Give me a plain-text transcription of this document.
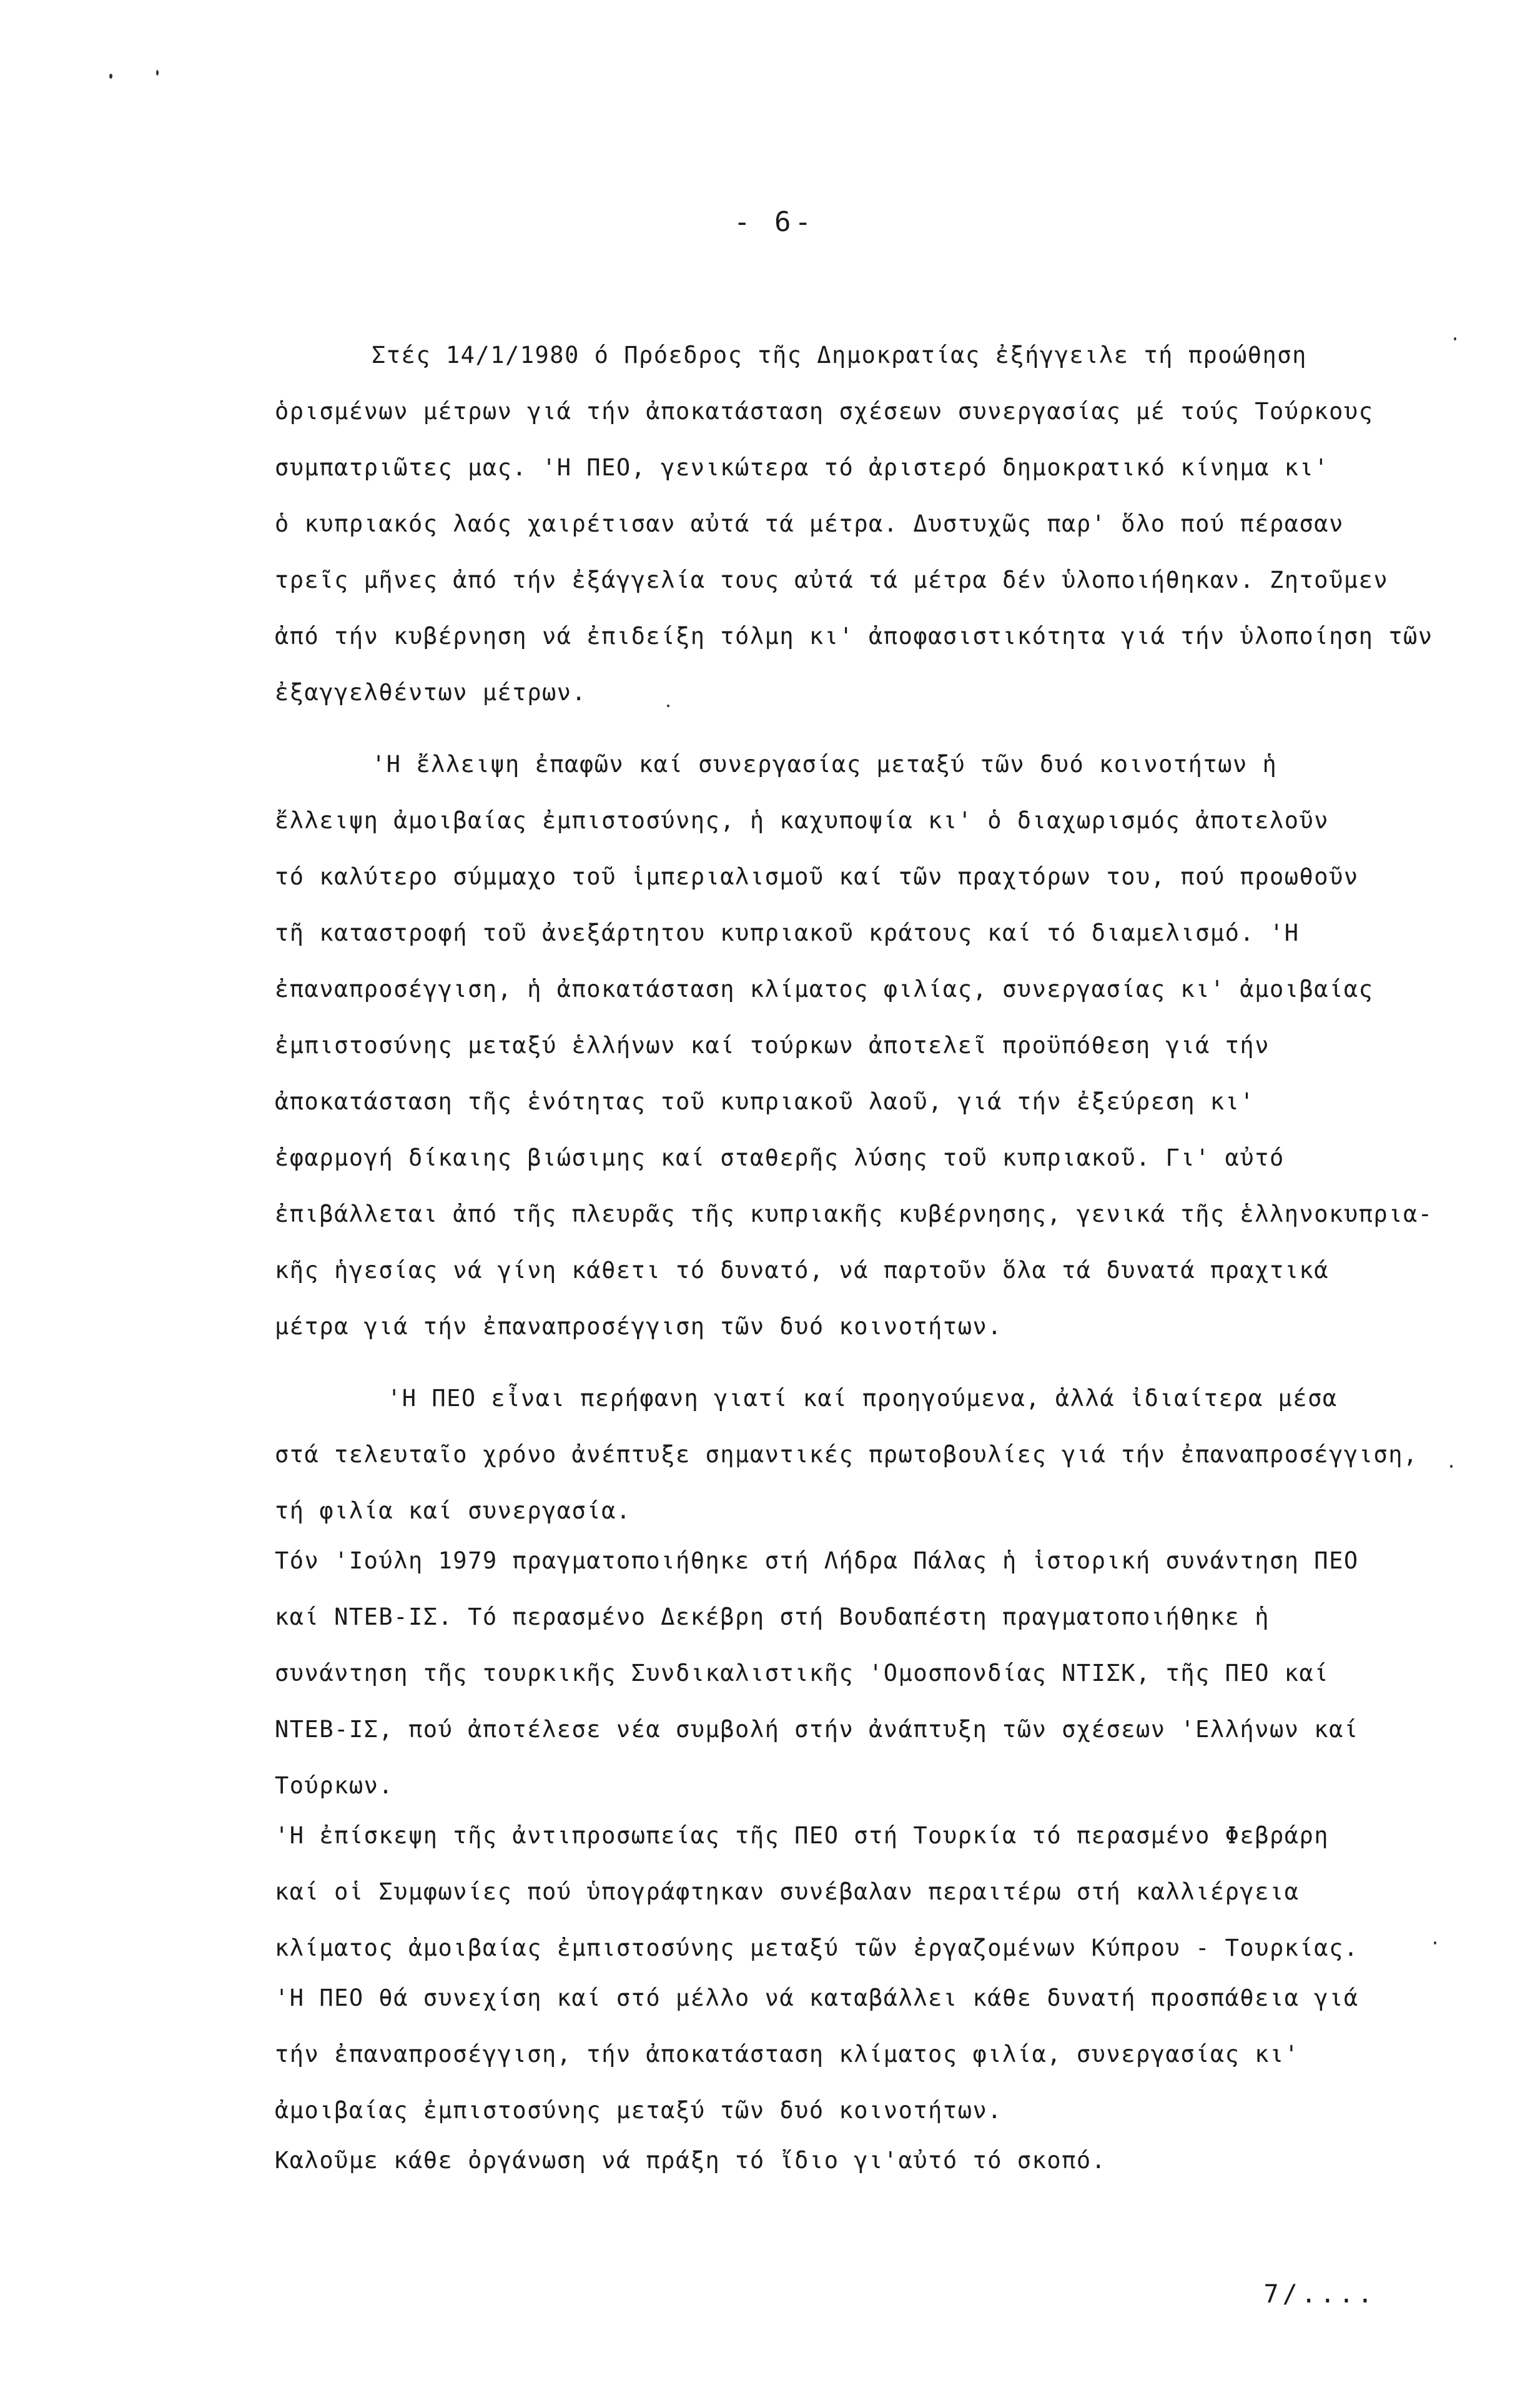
- 6-
Στές 14/1/1980 ό Πρόεδρος τῆς Δημοκρατίας ἐξήγγειλε τή προώθηση
ὁρισμένων μέτρων γιά τήν ἀποκατάσταση σχέσεων συνεργασίας μέ τούς Τούρκους
συμπατριῶτες μας. 'Η ΠΕΟ, γενικώτερα τό ἀριστερό δημοκρατικό κίνημα κι'
ὁ κυπριακός λαός χαιρέτισαν αὐτά τά μέτρα. Δυστυχῶς παρ' ὅλο πού πέρασαν
τρεῖς μῆνες ἀπό τήν ἐξάγγελία τους αὐτά τά μέτρα δέν ὑλοποιήθηκαν. Ζητοῦμεν
ἀπό τήν κυβέρνηση νά ἐπιδείξη τόλμη κι' ἀποφασιστικότητα γιά τήν ὑλοποίηση τῶν
ἐξαγγελθέντων μέτρων.
'Η ἔλλειψη ἐπαφῶν καί συνεργασίας μεταξύ τῶν δυό κοινοτήτων ἡ
ἔλλειψη ἀμοιβαίας ἐμπιστοσύνης, ἡ καχυποψία κι' ὁ διαχωρισμός ἀποτελοῦν
τό καλύτερο σύμμαχο τοῦ ἱμπεριαλισμοῦ καί τῶν πραχτόρων του, πού προωθοῦν
τῆ καταστροφή τοῦ ἀνεξάρτητου κυπριακοῦ κράτους καί τό διαμελισμό. 'Η
ἐπαναπροσέγγιση, ἡ ἀποκατάσταση κλίματος φιλίας, συνεργασίας κι' ἀμοιβαίας
ἐμπιστοσύνης μεταξύ ἑλλήνων καί τούρκων ἀποτελεῖ προϋπόθεση γιά τήν
ἀποκατάσταση τῆς ἑνότητας τοῦ κυπριακοῦ λαοῦ, γιά τήν ἐξεύρεση κι'
ἐφαρμογή δίκαιης βιώσιμης καί σταθερῆς λύσης τοῦ κυπριακοῦ. Γι' αὐτό
ἐπιβάλλεται ἀπό τῆς πλευρᾶς τῆς κυπριακῆς κυβέρνησης, γενικά τῆς ἑλληνοκυπρια-
κῆς ἡγεσίας νά γίνη κάθετι τό δυνατό, νά παρτοῦν ὅλα τά δυνατά πραχτικά
μέτρα γιά τήν ἐπαναπροσέγγιση τῶν δυό κοινοτήτων.
'Η ΠΕΟ εἶναι περήφανη γιατί καί προηγούμενα, ἀλλά ἰδιαίτερα μέσα
στά τελευταῖο χρόνο ἀνέπτυξε σημαντικές πρωτοβουλίες γιά τήν ἐπαναπροσέγγιση,
τή φιλία καί συνεργασία.
Τόν 'Ιούλη 1979 πραγματοποιήθηκε στή Λήδρα Πάλας ἡ ἱστορική συνάντηση ΠΕΟ
καί ΝΤΕΒ-ΙΣ. Τό περασμένο Δεκέβρη στή Βουδαπέστη πραγματοποιήθηκε ἡ
συνάντηση τῆς τουρκικῆς Συνδικαλιστικῆς 'Ομοσπονδίας ΝΤΙΣΚ, τῆς ΠΕΟ καί
ΝΤΕΒ-ΙΣ, πού ἀποτέλεσε νέα συμβολή στήν ἀνάπτυξη τῶν σχέσεων 'Ελλήνων καί
Τούρκων.
'Η ἐπίσκεψη τῆς ἀντιπροσωπείας τῆς ΠΕΟ στή Τουρκία τό περασμένο Φεβράρη
καί οἱ Συμφωνίες πού ὑπογράφτηκαν συνέβαλαν περαιτέρω στή καλλιέργεια
κλίματος ἀμοιβαίας ἐμπιστοσύνης μεταξύ τῶν ἐργαζομένων Κύπρου - Τουρκίας.
'Η ΠΕΟ θά συνεχίση καί στό μέλλο νά καταβάλλει κάθε δυνατή προσπάθεια γιά
τήν ἐπαναπροσέγγιση, τήν ἀποκατάσταση κλίματος φιλία, συνεργασίας κι'
ἀμοιβαίας ἐμπιστοσύνης μεταξύ τῶν δυό κοινοτήτων.
Καλοῦμε κάθε ὀργάνωση νά πράξη τό ἴδιο γι'αὐτό τό σκοπό.
7/....
